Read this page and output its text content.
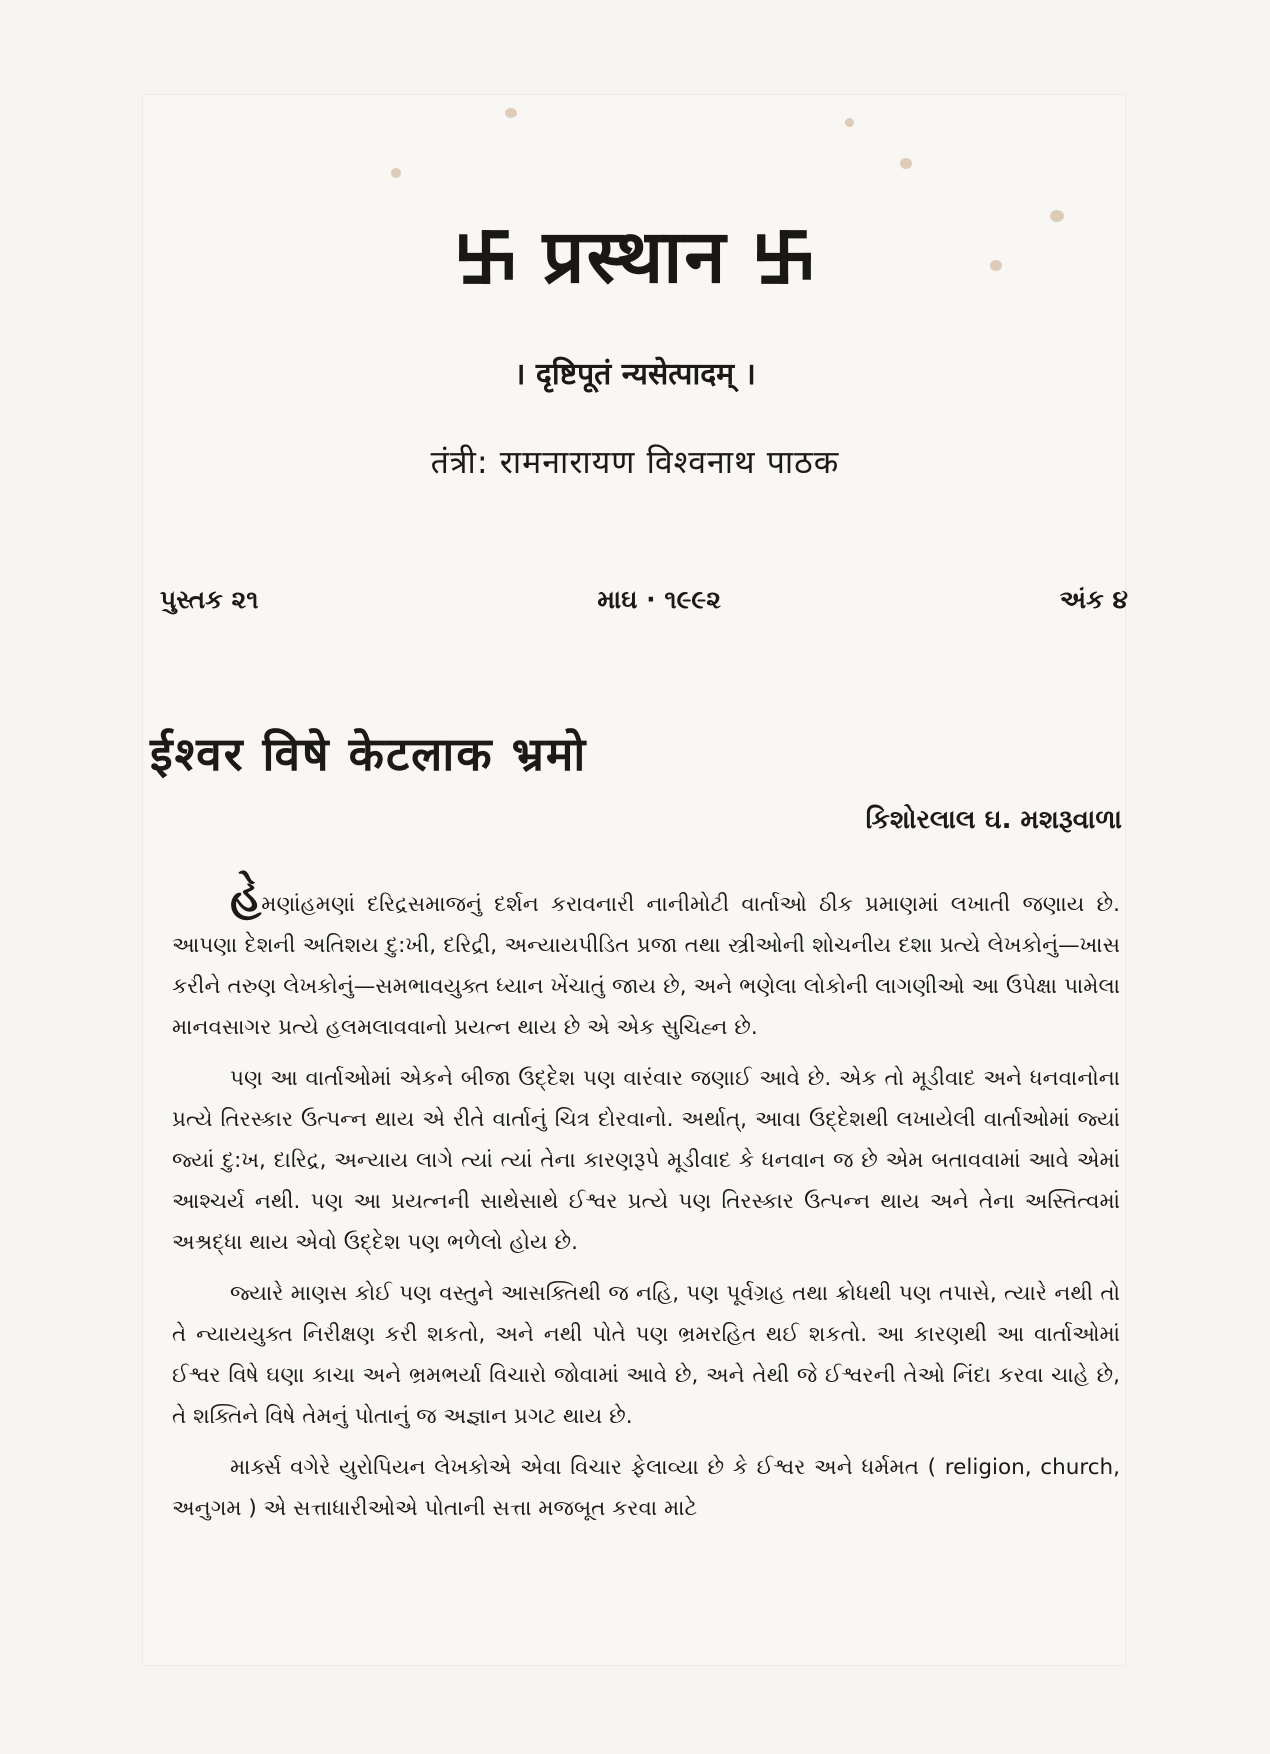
प्रस्थान
। दृष्टिपूतं न्यसेत्पादम् ।
तंत्री: रामनारायण विश्वनाथ पाठक
પુસ્તક ૨૧	માઘ · ૧૯૯૨	અંક ૪
ईश्वर विषे केटलाक भ्रमो
કિશોરલાલ ઘ. મશરૂવાળા

હેમણાંહમણાં દરિદ્રસમાજનું દર્શન કરાવનારી નાનીમોટી વાર્તાઓ ઠીક પ્રમાણમાં લખાતી જણાય છે. આપણા દેશની અતિશય દુ:ખી, દરિદ્રી, અન્યાયપીડિત પ્રજા તથા સ્ત્રીઓની શોચનીય દશા પ્રત્યે લેખકોનું—ખાસ કરીને તરુણ લેખકોનું—સમભાવયુક્ત ધ્યાન ખેંચાતું જાય છે, અને ભણેલા લોકોની લાગણીઓ આ ઉપેક્ષા પામેલા માનવસાગર પ્રત્યે હલમલાવવાનો પ્રયત્ન થાય છે એ એક સુચિહ્ન છે.

પણ આ વાર્તાઓમાં એકને બીજા ઉદ્દેશ પણ વારંવાર જણાઈ આવે છે. એક તો મૂડીવાદ અને ધનવાનોના પ્રત્યે તિરસ્કાર ઉત્પન્ન થાય એ રીતે વાર્તાનું ચિત્ર દોરવાનો. અર્થાત્, આવા ઉદ્દેશથી લખાયેલી વાર્તાઓમાં જ્યાં જ્યાં દુ:ખ, દારિદ્ર, અન્યાય લાગે ત્યાં ત્યાં તેના કારણરૂપે મૂડીવાદ કે ધનવાન જ છે એમ બતાવવામાં આવે એમાં આશ્ચર્ય નથી. પણ આ પ્રયત્નની સાથેસાથે ઈશ્વર પ્રત્યે પણ તિરસ્કાર ઉત્પન્ન થાય અને તેના અસ્તિત્વમાં અશ્રદ્ધા થાય એવો ઉદ્દેશ પણ ભળેલો હોય છે.

જ્યારે માણસ કોઈ પણ વસ્તુને આસક્તિથી જ નહિ, પણ પૂર્વગ્રહ તથા ક્રોધથી પણ તપાસે, ત્યારે નથી તો તે ન્યાયયુક્ત નિરીક્ષણ કરી શકતો, અને નથી પોતે પણ ભ્રમરહિત થઈ શકતો. આ કારણથી આ વાર્તાઓમાં ઈશ્વર વિષે ઘણા કાચા અને ભ્રમભર્યા વિચારો જોવામાં આવે છે, અને તેથી જે ઈશ્વરની તેઓ નિંદા કરવા ચાહે છે, તે શક્તિને વિષે તેમનું પોતાનું જ અજ્ઞાન પ્રગટ થાય છે.

માર્ક્સ વગેરે યુરોપિયન લેખકોએ એવા વિચાર ફેલાવ્યા છે કે ઈશ્વર અને ધર્મમત ( religion, church, અનુગમ ) એ સત્તાધારીઓએ પોતાની સત્તા મજબૂત કરવા માટે
